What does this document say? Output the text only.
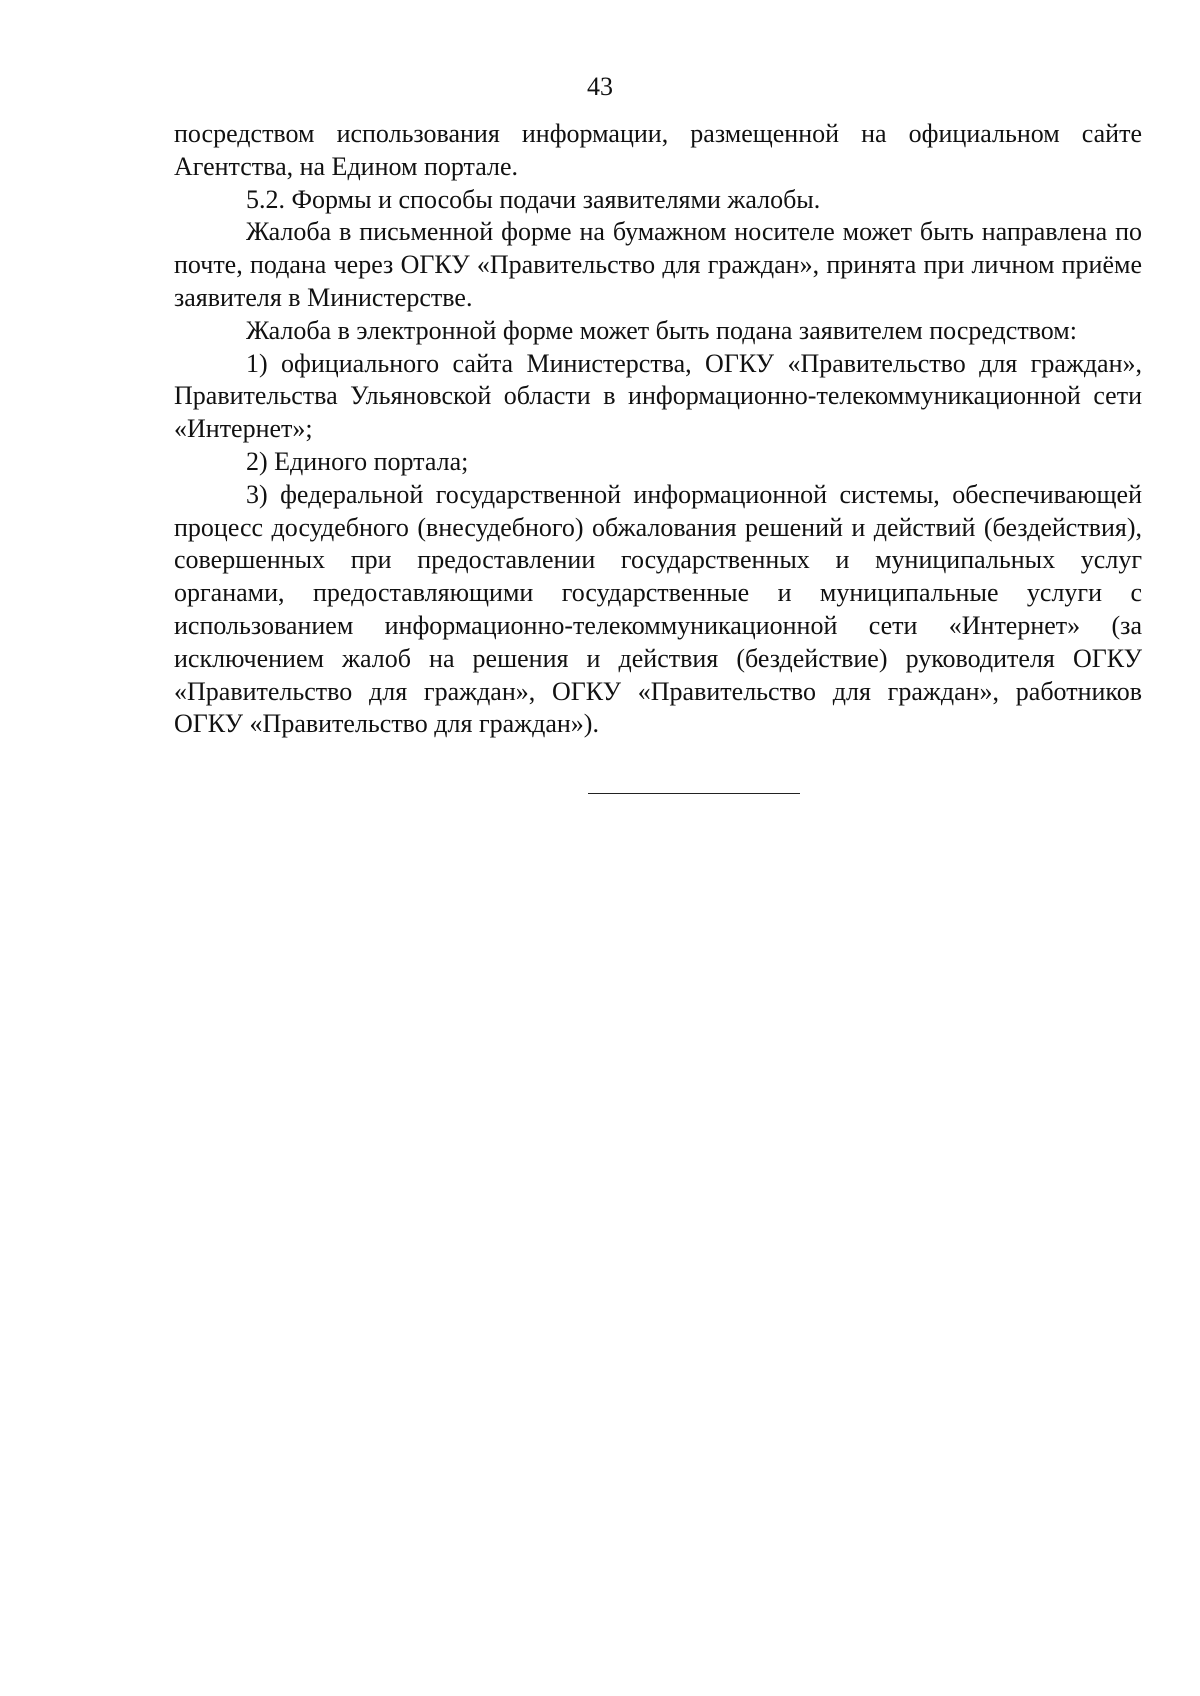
43

посредством использования информации, размещенной на официальном сайте Агентства, на Едином портале.

5.2. Формы и способы подачи заявителями жалобы.

Жалоба в письменной форме на бумажном носителе может быть направлена по почте, подана через ОГКУ «Правительство для граждан», принята при личном приёме заявителя в Министерстве.

Жалоба в электронной форме может быть подана заявителем посредством:

1) официального сайта Министерства, ОГКУ «Правительство для граждан», Правительства Ульяновской области в информационно-телекоммуникационной сети «Интернет»;

2) Единого портала;

3) федеральной государственной информационной системы, обеспечивающей процесс досудебного (внесудебного) обжалования решений и действий (бездействия), совершенных при предоставлении государственных и муниципальных услуг органами, предоставляющими государственные и муниципальные услуги с использованием информационно-телекоммуникационной сети «Интернет» (за исключением жалоб на решения и действия (бездействие) руководителя ОГКУ «Правительство для граждан», ОГКУ «Правительство для граждан», работников ОГКУ «Правительство для граждан»).
